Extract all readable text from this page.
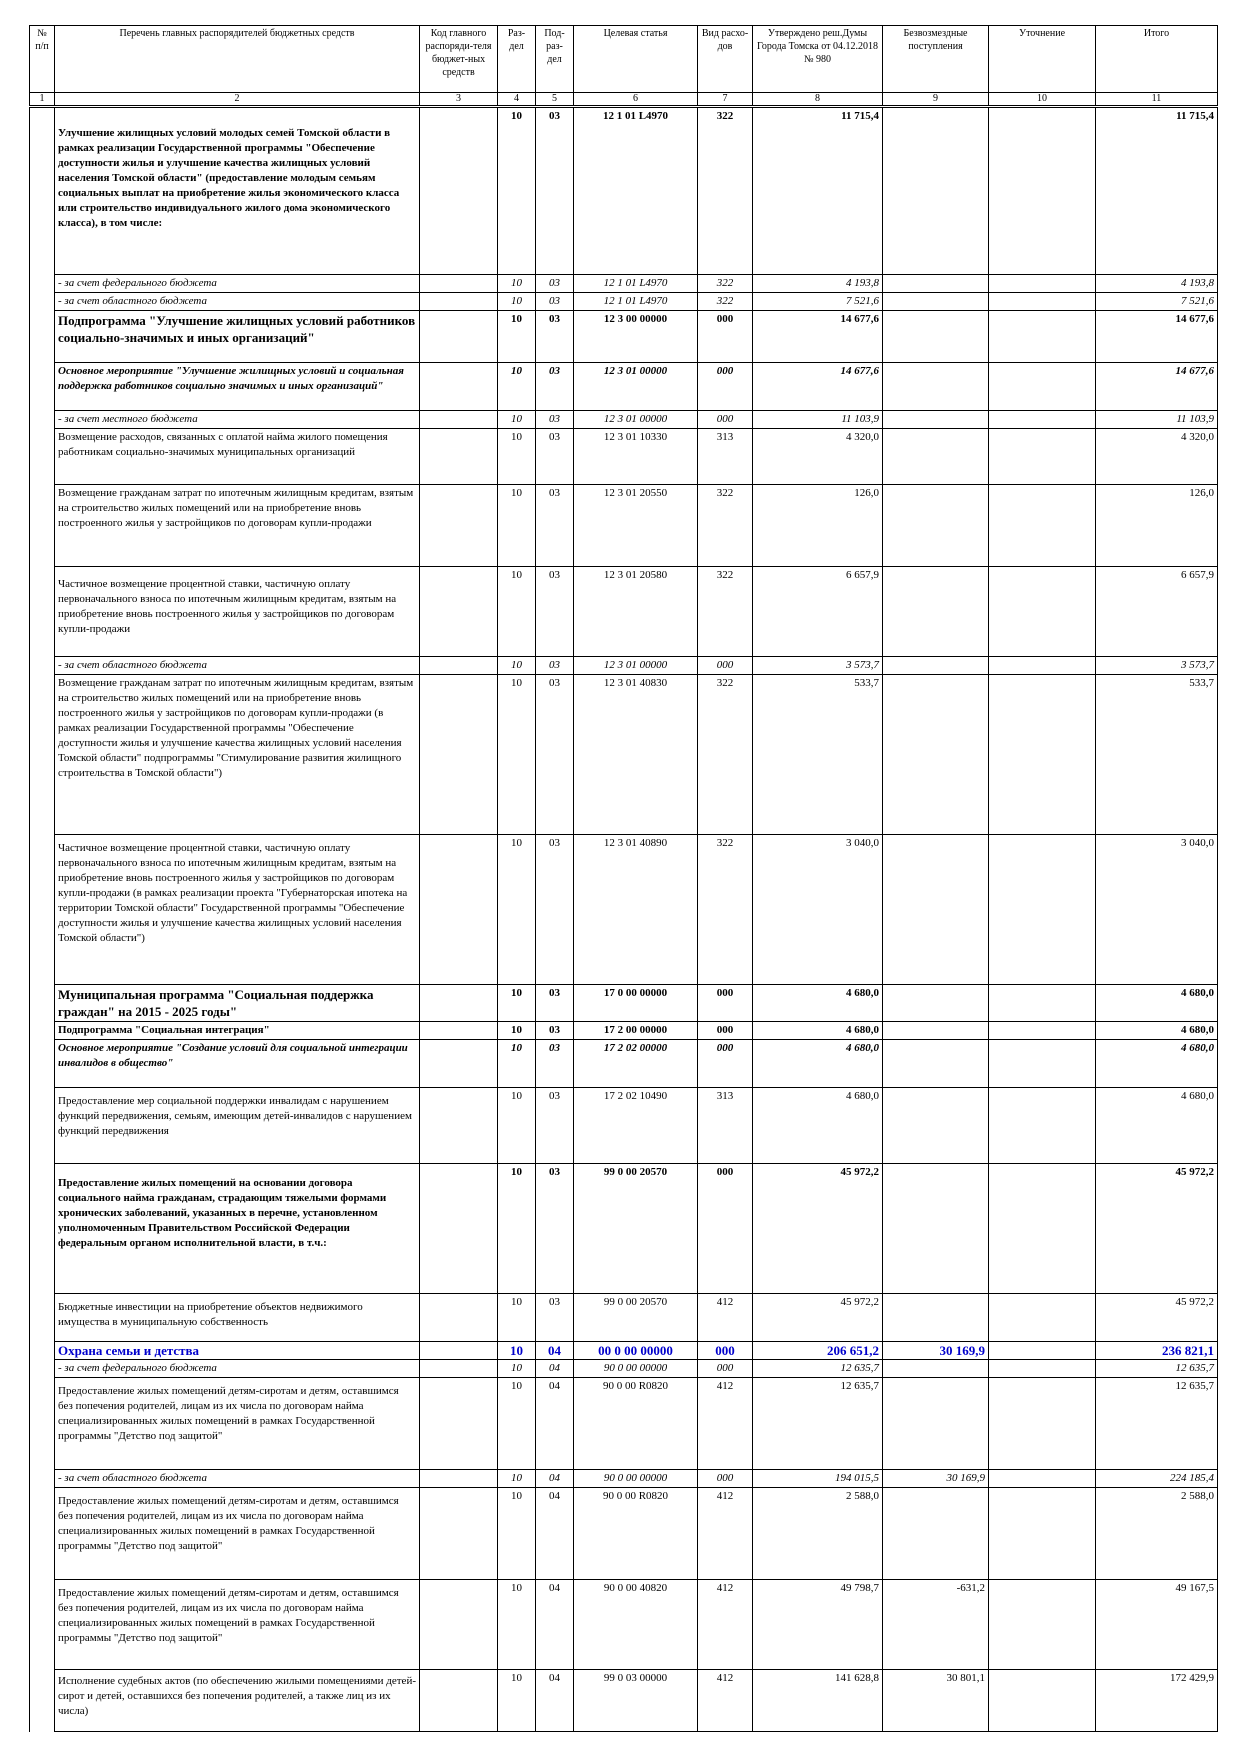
№ п/п	Перечень главных распорядителей бюджетных средств	Код главного распоряди-теля бюджет-ных средств	Раз-дел	Под-раз-дел	Целевая статья	Вид расхо-дов	Утверждено реш.Думы Города Томска от 04.12.2018 № 980	Безвозмездные поступления	Уточнение	Итого
1	2	3	4	5	6	7	8	9	10	11
	Улучшение жилищных условий молодых семей Томской области в рамках реализации Государственной программы "Обеспечение доступности жилья и улучшение качества жилищных условий населения Томской области" (предоставление молодым семьям социальных выплат на приобретение жилья экономического класса или строительство индивидуального жилого дома экономического класса), в том числе:		10	03	12 1 01 L4970	322	11 715,4			11 715,4
	- за счет федерального бюджета		10	03	12 1 01 L4970	322	4 193,8			4 193,8
	- за счет областного бюджета		10	03	12 1 01 L4970	322	7 521,6			7 521,6
	Подпрограмма "Улучшение жилищных условий работников социально-значимых и иных организаций"		10	03	12 3 00 00000	000	14 677,6			14 677,6
	Основное мероприятие "Улучшение жилищных условий и социальная поддержка работников социально значимых и иных организаций"		10	03	12 3 01 00000	000	14 677,6			14 677,6
	- за счет местного бюджета		10	03	12 3 01 00000	000	11 103,9			11 103,9
	Возмещение расходов, связанных с оплатой найма жилого помещения работникам социально-значимых муниципальных организаций		10	03	12 3 01 10330	313	4 320,0			4 320,0
	Возмещение гражданам затрат по ипотечным жилищным кредитам, взятым на строительство жилых помещений или на приобретение вновь построенного жилья у застройщиков по договорам купли-продажи		10	03	12 3 01 20550	322	126,0			126,0
	Частичное возмещение процентной ставки, частичную оплату первоначального взноса по ипотечным жилищным кредитам, взятым на приобретение вновь построенного жилья у застройщиков по договорам купли-продажи		10	03	12 3 01 20580	322	6 657,9			6 657,9
	- за счет областного бюджета		10	03	12 3 01 00000	000	3 573,7			3 573,7
	Возмещение гражданам затрат по ипотечным жилищным кредитам, взятым на строительство жилых помещений или на приобретение вновь построенного жилья у застройщиков по договорам купли-продажи (в рамках реализации Государственной программы "Обеспечение доступности жилья и улучшение качества жилищных условий населения Томской области" подпрограммы "Стимулирование развития жилищного строительства в Томской области")		10	03	12 3 01 40830	322	533,7			533,7
	Частичное возмещение процентной ставки, частичную оплату первоначального взноса по ипотечным жилищным кредитам, взятым на приобретение вновь построенного жилья у застройщиков по договорам купли-продажи (в рамках реализации проекта "Губернаторская ипотека на территории Томской области" Государственной программы "Обеспечение доступности жилья и улучшение качества жилищных условий населения Томской области")		10	03	12 3 01 40890	322	3 040,0			3 040,0
	Муниципальная программа "Социальная поддержка граждан" на 2015 - 2025 годы"		10	03	17 0 00 00000	000	4 680,0			4 680,0
	Подпрограмма "Социальная интеграция"		10	03	17 2 00 00000	000	4 680,0			4 680,0
	Основное мероприятие "Создание условий для социальной интеграции инвалидов в общество"		10	03	17 2 02 00000	000	4 680,0			4 680,0
	Предоставление мер социальной поддержки инвалидам с нарушением функций передвижения, семьям, имеющим детей-инвалидов с нарушением функций передвижения		10	03	17 2 02 10490	313	4 680,0			4 680,0
	Предоставление жилых помещений на основании договора социального найма гражданам, страдающим тяжелыми формами хронических заболеваний, указанных в перечне, установленном уполномоченным Правительством Российской Федерации федеральным органом исполнительной власти, в т.ч.:		10	03	99 0 00 20570	000	45 972,2			45 972,2
	Бюджетные инвестиции на приобретение объектов недвижимого имущества в муниципальную собственность		10	03	99 0 00 20570	412	45 972,2			45 972,2
	Охрана семьи и детства		10	04	00 0 00 00000	000	206 651,2	30 169,9		236 821,1
	- за счет федерального бюджета		10	04	90 0 00 00000	000	12 635,7			12 635,7
	Предоставление жилых помещений детям-сиротам и детям, оставшимся без попечения родителей, лицам из их числа по договорам найма специализированных жилых помещений в рамках Государственной программы "Детство под защитой"		10	04	90 0 00 R0820	412	12 635,7			12 635,7
	- за счет областного бюджета		10	04	90 0 00 00000	000	194 015,5	30 169,9		224 185,4
	Предоставление жилых помещений детям-сиротам и детям, оставшимся без попечения родителей, лицам из их числа по договорам найма специализированных жилых помещений в рамках Государственной программы "Детство под защитой"		10	04	90 0 00 R0820	412	2 588,0			2 588,0
	Предоставление жилых помещений детям-сиротам и детям, оставшимся без попечения родителей, лицам из их числа по договорам найма специализированных жилых помещений в рамках Государственной программы "Детство под защитой"		10	04	90 0 00 40820	412	49 798,7	-631,2		49 167,5
	Исполнение судебных актов (по обеспечению жилыми помещениями детей-сирот и детей, оставшихся без попечения родителей, а также лиц из их числа)		10	04	99 0 03 00000	412	141 628,8	30 801,1		172 429,9
